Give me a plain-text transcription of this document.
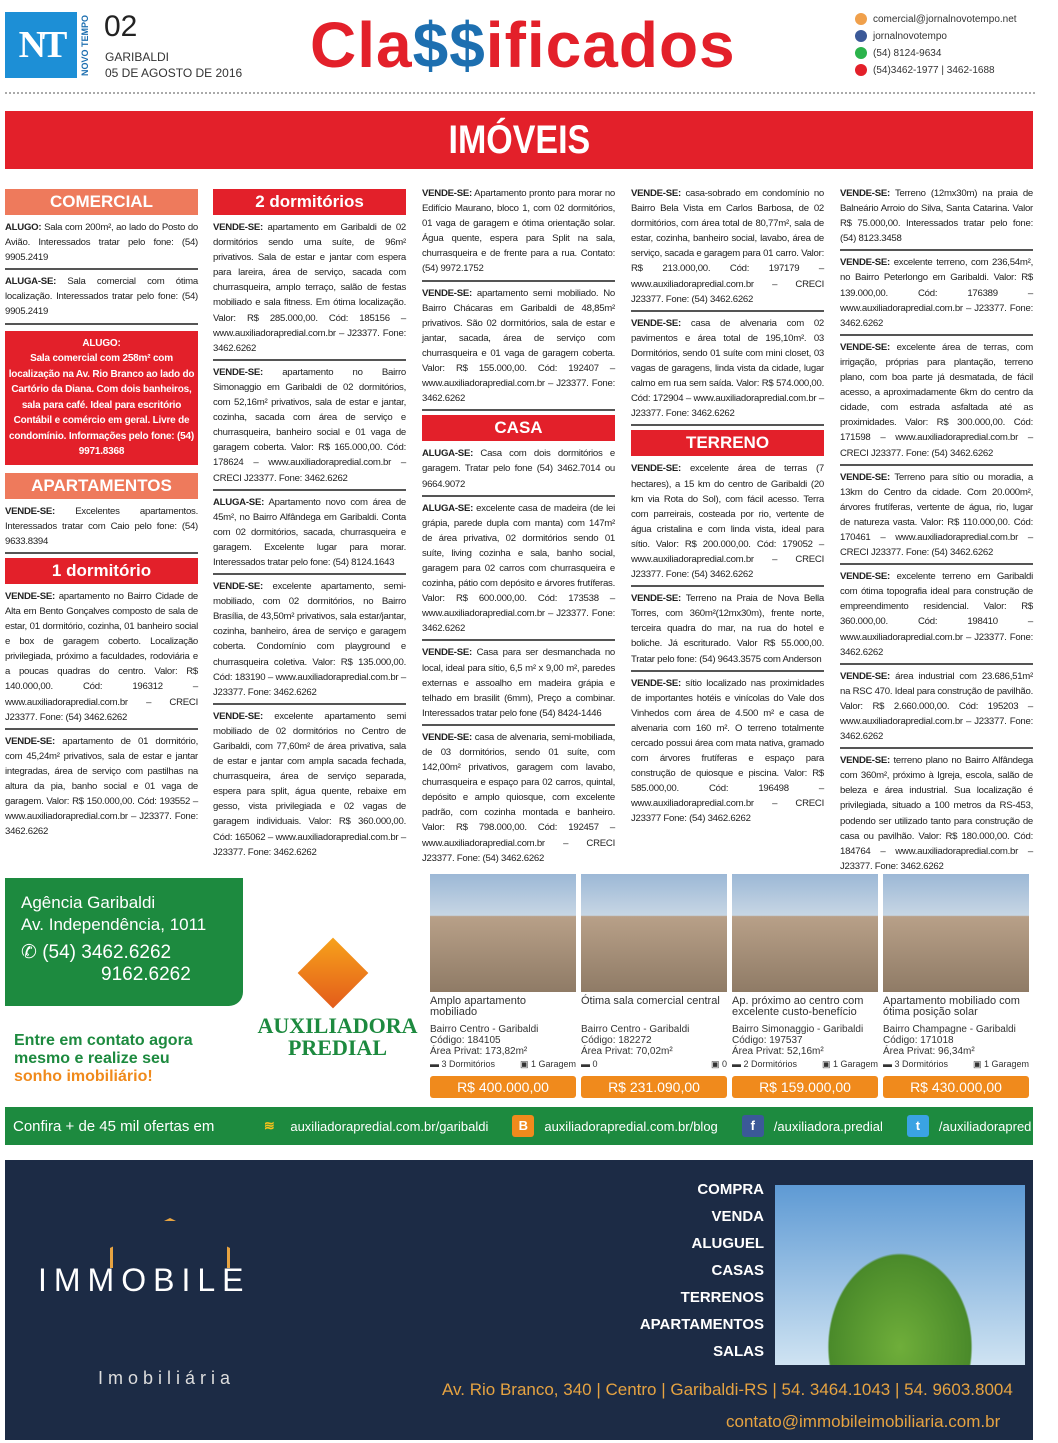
NT	NOVO TEMPO 02
GARIBALDI
05 DE AGOSTO DE 2016 Cla$$ificados
IMÓVEIS
Agência Garibaldi
Av. Independência, 1011
✆ (54) 3462.6262
9162.6262
Entre em contato agora mesmo e realize seu
sonho imobiliário!
AUXILIADORA
PREDIAL
Confira + de 45 mil ofertas em	≋	auxiliadorapredial.com.br/garibaldi	B	auxiliadorapredial.com.br/blog	f	/auxiliadora.predial	t	/auxiliadorapred
IMMOBILE
Imobiliária
COMPRA
VENDA
ALUGUEL
CASAS
TERRENOS
APARTAMENTOS
SALAS
Av. Rio Branco, 340 | Centro | Garibaldi-RS | 54. 3464.1043 | 54. 9603.8004
contato@immobileimobiliaria.com.br
comercial@jornalnovotempo.net
jornalnovotempo
(54) 8124-9634
(54)3462-1977 | 3462-1688
COMERCIAL
ALUGO: Sala com 200m², ao lado do Posto do Avião. Interessados tratar pelo fone: (54) 9905.2419
ALUGA-SE: Sala comercial com ótima localização. Interessados tratar pelo fone: (54) 9905.2419
ALUGO:
Sala comercial com 258m² com localização na Av. Rio Branco ao lado do Cartório da Diana. Com dois banheiros, sala para café. Ideal para escritório Contábil e comércio em geral. Livre de condomínio. Informações pelo fone: (54) 9971.8368
APARTAMENTOS
VENDE-SE: Excelentes apartamentos. Interessados tratar com Caio pelo fone: (54) 9633.8394
1 dormitório
VENDE-SE: apartamento no Bairro Cidade de Alta em Bento Gonçalves composto de sala de estar, 01 dormitório, cozinha, 01 banheiro social e box de garagem coberto. Localização privilegiada, próximo a faculdades, rodoviária e a poucas quadras do centro. Valor: R$ 140.000,00. Cód: 196312 – www.auxiliadorapredial.com.br – CRECI J23377. Fone: (54) 3462.6262
VENDE-SE: apartamento de 01 dormitório, com 45,24m² privativos, sala de estar e jantar integradas, área de serviço com pastilhas na altura da pia, banho social e 01 vaga de garagem. Valor: R$ 150.000,00. Cód: 193552 – www.auxiliadorapredial.com.br – J23377. Fone: 3462.6262
2 dormitórios
VENDE-SE: apartamento em Garibaldi de 02 dormitórios sendo uma suíte, de 96m² privativos. Sala de estar e jantar com espera para lareira, área de serviço, sacada com churrasqueira, amplo terraço, salão de festas mobiliado e sala fitness. Em ótima localização. Valor: R$ 285.000,00. Cód: 185156 – www.auxiliadorapredial.com.br – J23377. Fone: 3462.6262
VENDE-SE: apartamento no Bairro Simonaggio em Garibaldi de 02 dormitórios, com 52,16m² privativos, sala de estar e jantar, cozinha, sacada com área de serviço e churrasqueira, banheiro social e 01 vaga de garagem coberta. Valor: R$ 165.000,00. Cód: 178624 – www.auxiliadorapredial.com.br – CRECI J23377. Fone: 3462.6262
ALUGA-SE: Apartamento novo com área de 45m², no Bairro Alfândega em Garibaldi. Conta com 02 dormitórios, sacada, churrasqueira e garagem. Excelente lugar para morar. Interessados tratar pelo fone: (54) 8124.1643
VENDE-SE: excelente apartamento, semi-mobiliado, com 02 dormitórios, no Bairro Brasília, de 43,50m² privativos, sala estar/jantar, cozinha, banheiro, área de serviço e garagem coberta. Condomínio com playground e churrasqueira coletiva. Valor: R$ 135.000,00. Cód: 183190 – www.auxiliadorapredial.com.br – J23377. Fone: 3462.6262
VENDE-SE: excelente apartamento semi mobiliado de 02 dormitórios no Centro de Garibaldi, com 77,60m² de área privativa, sala de estar e jantar com ampla sacada fechada, churrasqueira, área de serviço separada, espera para split, água quente, rebaixe em gesso, vista privilegiada e 02 vagas de garagem individuais. Valor: R$ 360.000,00. Cód: 165062 – www.auxiliadorapredial.com.br – J23377. Fone: 3462.6262
VENDE-SE: Apartamento pronto para morar no Edifício Maurano, bloco 1, com 02 dormitórios, 01 vaga de garagem e ótima orientação solar. Água quente, espera para Split na sala, churrasqueira e de frente para a rua. Contato: (54) 9972.1752
VENDE-SE: apartamento semi mobiliado. No Bairro Chácaras em Garibaldi de 48,85m² privativos. São 02 dormitórios, sala de estar e jantar, sacada, área de serviço com churrasqueira e 01 vaga de garagem coberta. Valor: R$ 155.000,00. Cód: 192407 – www.auxiliadorapredial.com.br – J23377. Fone: 3462.6262
CASA
ALUGA-SE: Casa com dois dormitórios e garagem. Tratar pelo fone (54) 3462.7014 ou 9664.9072
ALUGA-SE: excelente casa de madeira (de lei grápia, parede dupla com manta) com 147m² de área privativa, 02 dormitórios sendo 01 suíte, living cozinha e sala, banho social, garagem para 02 carros com churrasqueira e cozinha, pátio com depósito e árvores frutíferas. Valor: R$ 600.000,00. Cód: 173538 – www.auxiliadorapredial.com.br – J23377. Fone: 3462.6262
VENDE-SE: Casa para ser desmanchada no local, ideal para sítio, 6,5 m² x 9,00 m², paredes externas e assoalho em madeira grápia e telhado em brasilit (6mm), Preço a combinar. Interessados tratar pelo fone (54) 8424-1446
VENDE-SE: casa de alvenaria, semi-mobiliada, de 03 dormitórios, sendo 01 suíte, com 142,00m² privativos, garagem com lavabo, churrasqueira e espaço para 02 carros, quintal, depósito e amplo quiosque, com excelente padrão, com cozinha montada e banheiro. Valor: R$ 798.000,00. Cód: 192457 – www.auxiliadorapredial.com.br – CRECI J23377. Fone: (54) 3462.6262
VENDE-SE: casa-sobrado em condomínio no Bairro Bela Vista em Carlos Barbosa, de 02 dormitórios, com área total de 80,77m², sala de estar, cozinha, banheiro social, lavabo, área de serviço, sacada e garagem para 01 carro. Valor: R$ 213.000,00. Cód: 197179 – www.auxiliadorapredial.com.br – CRECI J23377. Fone: (54) 3462.6262
VENDE-SE: casa de alvenaria com 02 pavimentos e área total de 195,10m². 03 Dormitórios, sendo 01 suíte com mini closet, 03 vagas de garagens, linda vista da cidade, lugar calmo em rua sem saída. Valor: R$ 574.000,00. Cód: 172904 – www.auxiliadorapredial.com.br – J23377. Fone: 3462.6262
TERRENO
VENDE-SE: excelente área de terras (7 hectares), a 15 km do centro de Garibaldi (20 km via Rota do Sol), com fácil acesso. Terra com parreirais, costeada por rio, vertente de água cristalina e com linda vista, ideal para sítio. Valor: R$ 200.000,00. Cód: 179052 – www.auxiliadorapredial.com.br – CRECI J23377. Fone: (54) 3462.6262
VENDE-SE: Terreno na Praia de Nova Bella Torres, com 360m²(12mx30m), frente norte, terceira quadra do mar, na rua do hotel e boliche. Já escriturado. Valor R$ 55.000,00. Tratar pelo fone: (54) 9643.3575 com Anderson
VENDE-SE: sítio localizado nas proximidades de importantes hotéis e vinícolas do Vale dos Vinhedos com área de 4.500 m² e casa de alvenaria com 160 m². O terreno totalmente cercado possui área com mata nativa, gramado com árvores frutíferas e espaço para construção de quiosque e piscina. Valor: R$ 585.000,00. Cód: 196498 – www.auxiliadorapredial.com.br – CRECI J23377 Fone: (54) 3462.6262
VENDE-SE: Terreno (12mx30m) na praia de Balneário Arroio do Silva, Santa Catarina. Valor R$ 75.000,00. Interessados tratar pelo fone: (54) 8123.3458
VENDE-SE: excelente terreno, com 236,54m², no Bairro Peterlongo em Garibaldi. Valor: R$ 139.000,00. Cód: 176389 – www.auxiliadorapredial.com.br – J23377. Fone: 3462.6262
VENDE-SE: excelente área de terras, com irrigação, próprias para plantação, terreno plano, com boa parte já desmatada, de fácil acesso, a aproximadamente 6km do centro da cidade, com estrada asfaltada até as proximidades. Valor: R$ 300.000,00. Cód: 171598 – www.auxiliadorapredial.com.br – CRECI J23377. Fone: (54) 3462.6262
VENDE-SE: Terreno para sítio ou moradia, a 13km do Centro da cidade. Com 20.000m², árvores frutíferas, vertente de água, rio, lugar de natureza vasta. Valor: R$ 110.000,00. Cód: 170461 – www.auxiliadorapredial.com.br – CRECI J23377. Fone: (54) 3462.6262
VENDE-SE: excelente terreno em Garibaldi com ótima topografia ideal para construção de empreendimento residencial. Valor: R$ 360.000,00. Cód: 198410 – www.auxiliadorapredial.com.br – J23377. Fone: 3462.6262
VENDE-SE: área industrial com 23.686,51m² na RSC 470. Ideal para construção de pavilhão. Valor: R$ 2.660.000,00. Cód: 195203 – www.auxiliadorapredial.com.br – J23377. Fone: 3462.6262
VENDE-SE: terreno plano no Bairro Alfândega com 360m², próximo à Igreja, escola, salão de beleza e área industrial. Sua localização é privilegiada, situado a 100 metros da RS-453, podendo ser utilizado tanto para construção de casa ou pavilhão. Valor: R$ 180.000,00. Cód: 184764 – www.auxiliadorapredial.com.br – J23377. Fone: 3462.6262
Amplo apartamento mobiliado
Bairro Centro - Garibaldi
Código: 184105
Área Privat: 173,82m²
▬ 3 Dormitórios	▣ 1 Garagem
R$ 400.000,00
Ótima sala comercial central
Bairro Centro - Garibaldi
Código: 182272
Área Privat: 70,02m²
▬ 0	▣ 0
R$ 231.090,00
Ap. próximo ao centro com excelente custo-benefício
Bairro Simonaggio - Garibaldi
Código: 197537
Área Privat: 52,16m²
▬ 2 Dormitórios	▣ 1 Garagem
R$ 159.000,00
Apartamento mobiliado com ótima posição solar
Bairro Champagne - Garibaldi
Código: 171018
Área Privat: 96,34m²
▬ 3 Dormitórios	▣ 1 Garagem
R$ 430.000,00
